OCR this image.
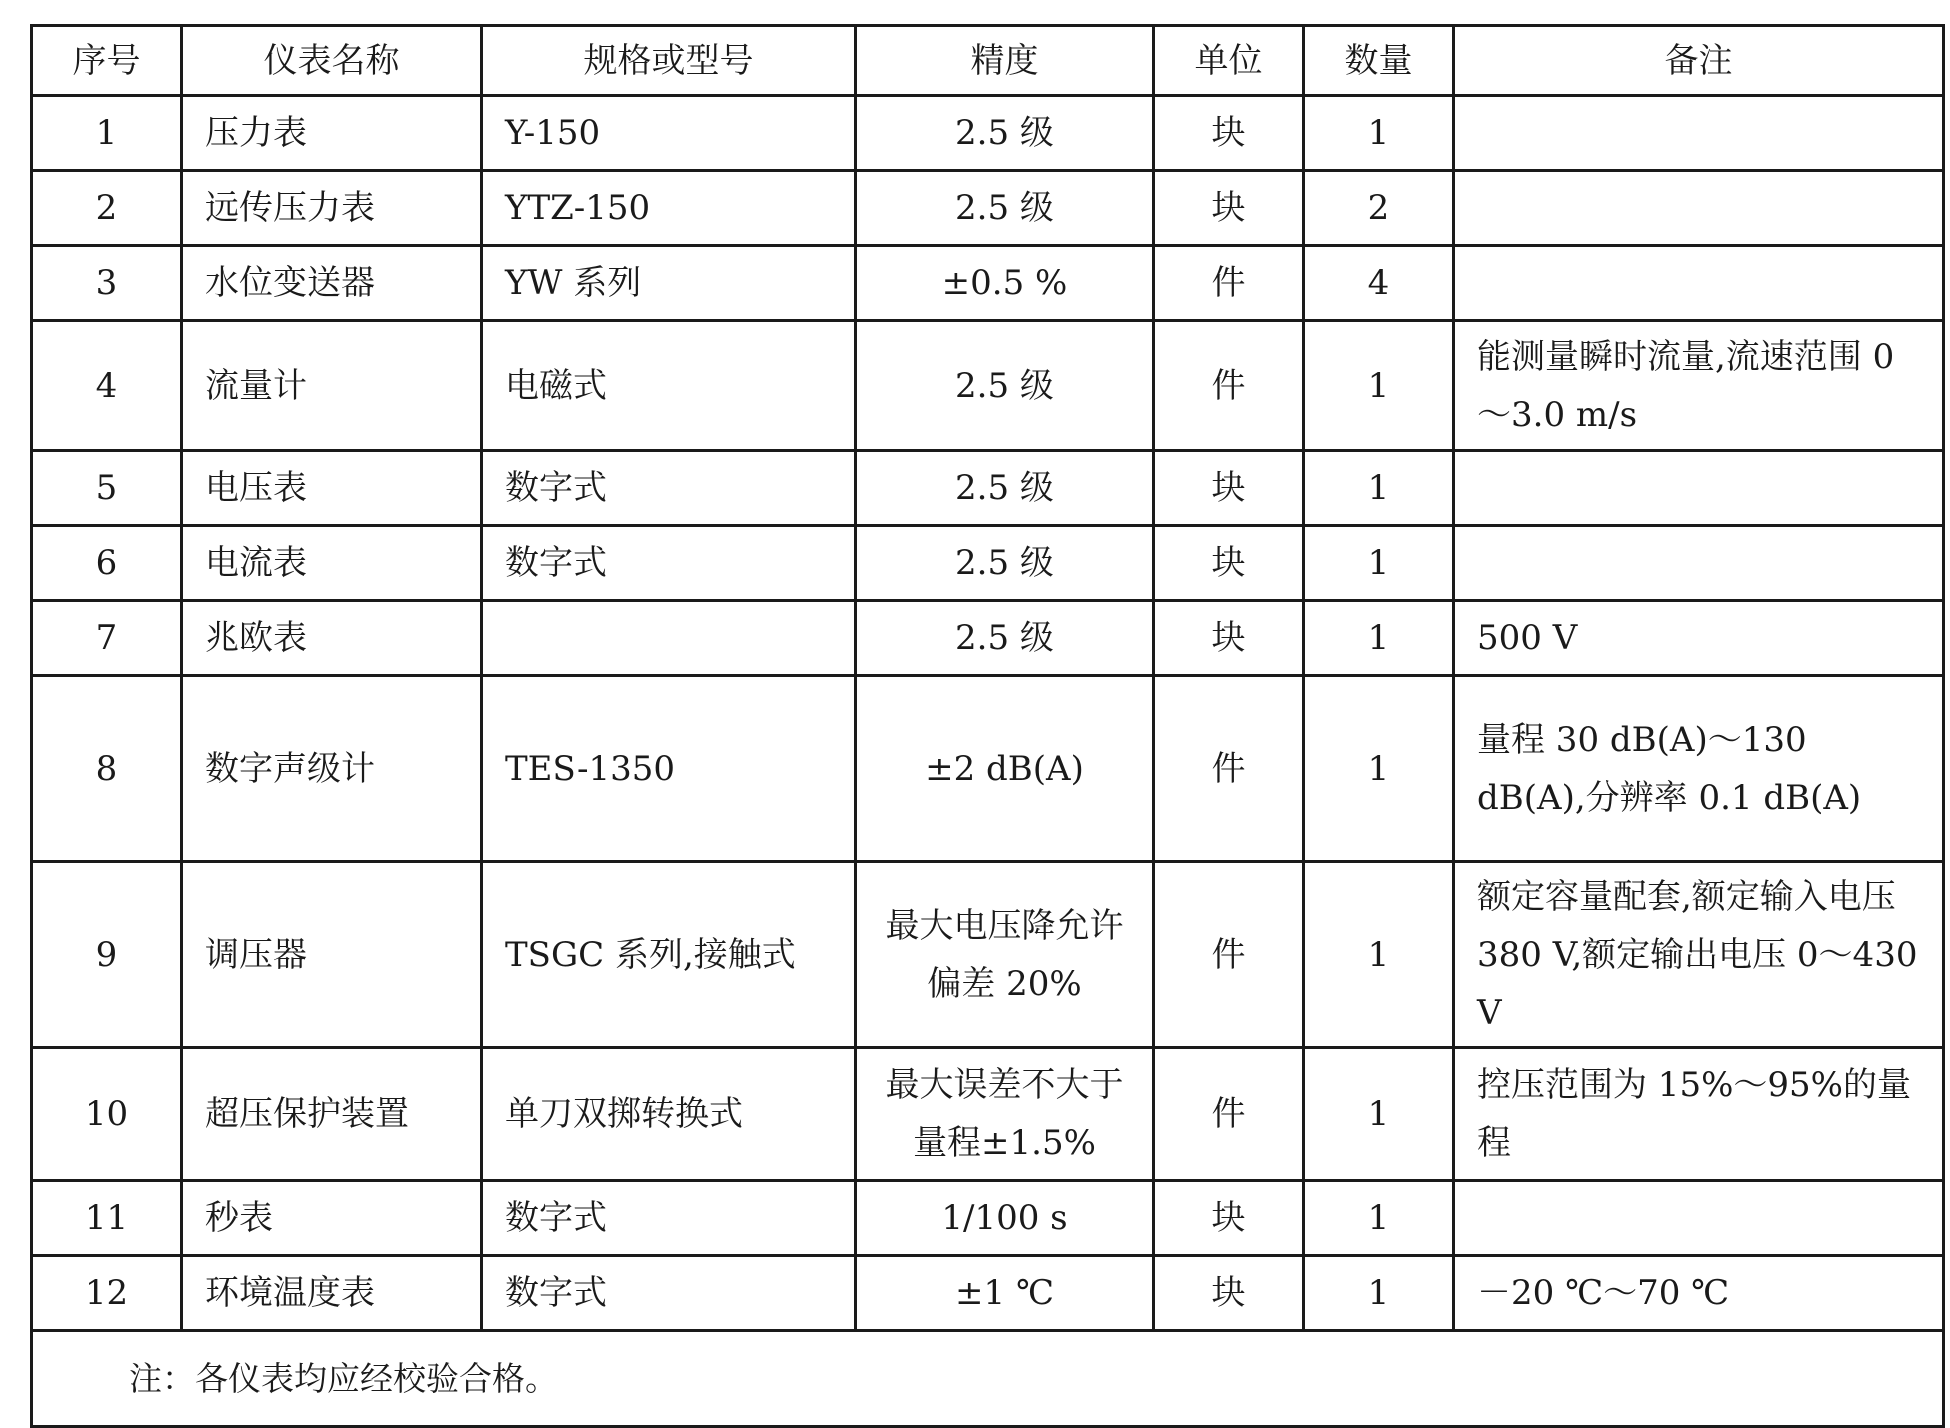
序号	仪表名称	规格或型号	精度	单位	数量	备注
1	压力表	Y-150	2.5 级	块	1	
2	远传压力表	YTZ-150	2.5 级	块	2	
3	水位变送器	YW 系列	±0.5 %	件	4	
4	流量计	电磁式	2.5 级	件	1	能测量瞬时流量,流速范围 0～3.0 m/s
5	电压表	数字式	2.5 级	块	1	
6	电流表	数字式	2.5 级	块	1	
7	兆欧表		2.5 级	块	1	500 V
8	数字声级计	TES-1350	±2 dB(A)	件	1	量程 30 dB(A)～130 dB(A),分辨率 0.1 dB(A)
9	调压器	TSGC 系列,接触式	最大电压降允许偏差 20%	件	1	额定容量配套,额定输入电压 380 V,额定输出电压 0～430 V
10	超压保护装置	单刀双掷转换式	最大误差不大于量程±1.5%	件	1	控压范围为 15%～95%的量程
11	秒表	数字式	1/100 s	块	1	
12	环境温度表	数字式	±1 ℃	块	1	－20 ℃～70 ℃
注：各仪表均应经校验合格。						
